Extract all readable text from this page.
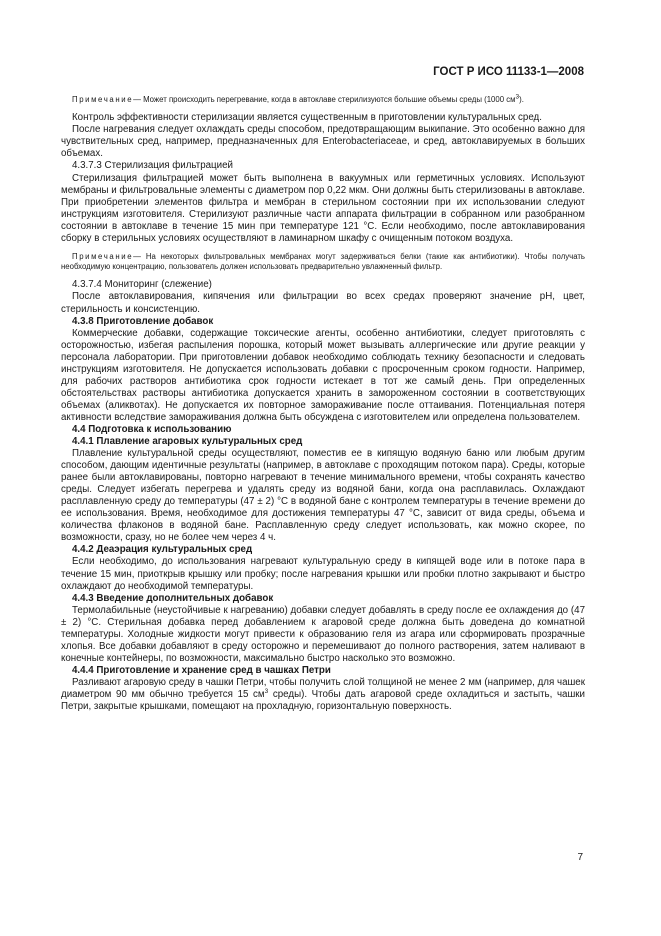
ГОСТ Р ИСО 11133-1—2008

Примечание— Может происходить перегревание, когда в автоклаве стерилизуются большие объемы среды (1000 $см^3$).

Контроль эффективности стерилизации является существенным в приготовлении культуральных сред.

После нагревания следует охлаждать среды способом, предотвращающим выкипание. Это особенно важно для чувствительных сред, например, предназначенных для Enterobacteriaceae, и сред, автоклавируемых в больших объемах.

4.3.7.3 Стерилизация фильтрацией

Стерилизация фильтрацией может быть выполнена в вакуумных или герметичных условиях. Используют мембраны и фильтровальные элементы с диаметром пор 0,22 мкм. Они должны быть стерилизованы в автоклаве. При приобретении элементов фильтра и мембран в стерильном состоянии при их использовании следуют инструкциям изготовителя. Стерилизуют различные части аппарата фильтрации в собранном или разобранном состоянии в автоклаве в течение 15 мин при температуре 121 °С. Если необходимо, после автоклавирования сборку в стерильных условиях осуществляют в ламинарном шкафу с очищенным потоком воздуха.

Примечание— На некоторых фильтровальных мембранах могут задерживаться белки (такие как антибиотики). Чтобы получать необходимую концентрацию, пользователь должен использовать предварительно увлажненный фильтр.

4.3.7.4 Мониторинг (слежение)

После автоклавирования, кипячения или фильтрации во всех средах проверяют значение pH, цвет, стерильность и консистенцию.

4.3.8 Приготовление добавок

Коммерческие добавки, содержащие токсические агенты, особенно антибиотики, следует приготовлять с осторожностью, избегая распыления порошка, который может вызывать аллергические или другие реакции у персонала лаборатории. При приготовлении добавок необходимо соблюдать технику безопасности и следовать инструкциям изготовителя. Не допускается использовать добавки с просроченным сроком годности. Например, для рабочих растворов антибиотика срок годности истекает в тот же самый день. При определенных обстоятельствах растворы антибиотика допускается хранить в замороженном состоянии в соответствующих объемах (аликвотах). Не допускается их повторное замораживание после оттаивания. Потенциальная потеря активности вследствие замораживания должна быть обсуждена с изготовителем или определена пользователем.

4.4 Подготовка к использованию

4.4.1 Плавление агаровых культуральных сред

Плавление культуральной среды осуществляют, поместив ее в кипящую водяную баню или любым другим способом, дающим идентичные результаты (например, в автоклаве с проходящим потоком пара). Среды, которые ранее были автоклавированы, повторно нагревают в течение минимального времени, чтобы сохранять качество среды. Следует избегать перегрева и удалять среду из водяной бани, когда она расплавилась. Охлаждают расплавленную среду до температуры (47 ± 2) °С в водяной бане с контролем температуры в течение времени до ее использования. Время, необходимое для достижения температуры 47 °С, зависит от вида среды, объема и количества флаконов в водяной бане. Расплавленную среду следует использовать, как можно скорее, по возможности, сразу, но не более чем через 4 ч.

4.4.2 Деаэрация культуральных сред

Если необходимо, до использования нагревают культуральную среду в кипящей воде или в потоке пара в течение 15 мин, приоткрыв крышку или пробку; после нагревания крышки или пробки плотно закрывают и быстро охлаждают до необходимой температуры.

4.4.3 Введение дополнительных добавок

Термолабильные (неустойчивые к нагреванию) добавки следует добавлять в среду после ее охлаждения до (47 ± 2) °С. Стерильная добавка перед добавлением к агаровой среде должна быть доведена до комнатной температуры. Холодные жидкости могут привести к образованию геля из агара или сформировать прозрачные хлопья. Все добавки добавляют в среду осторожно и перемешивают до полного растворения, затем наливают в конечные контейнеры, по возможности, максимально быстро насколько это возможно.

4.4.4 Приготовление и хранение сред в чашках Петри

Разливают агаровую среду в чашки Петри, чтобы получить слой толщиной не менее 2 мм (например, для чашек диаметром 90 мм обычно требуется 15 $см^3$ среды). Чтобы дать агаровой среде охладиться и застыть, чашки Петри, закрытые крышками, помещают на прохладную, горизонтальную поверхность.

7
